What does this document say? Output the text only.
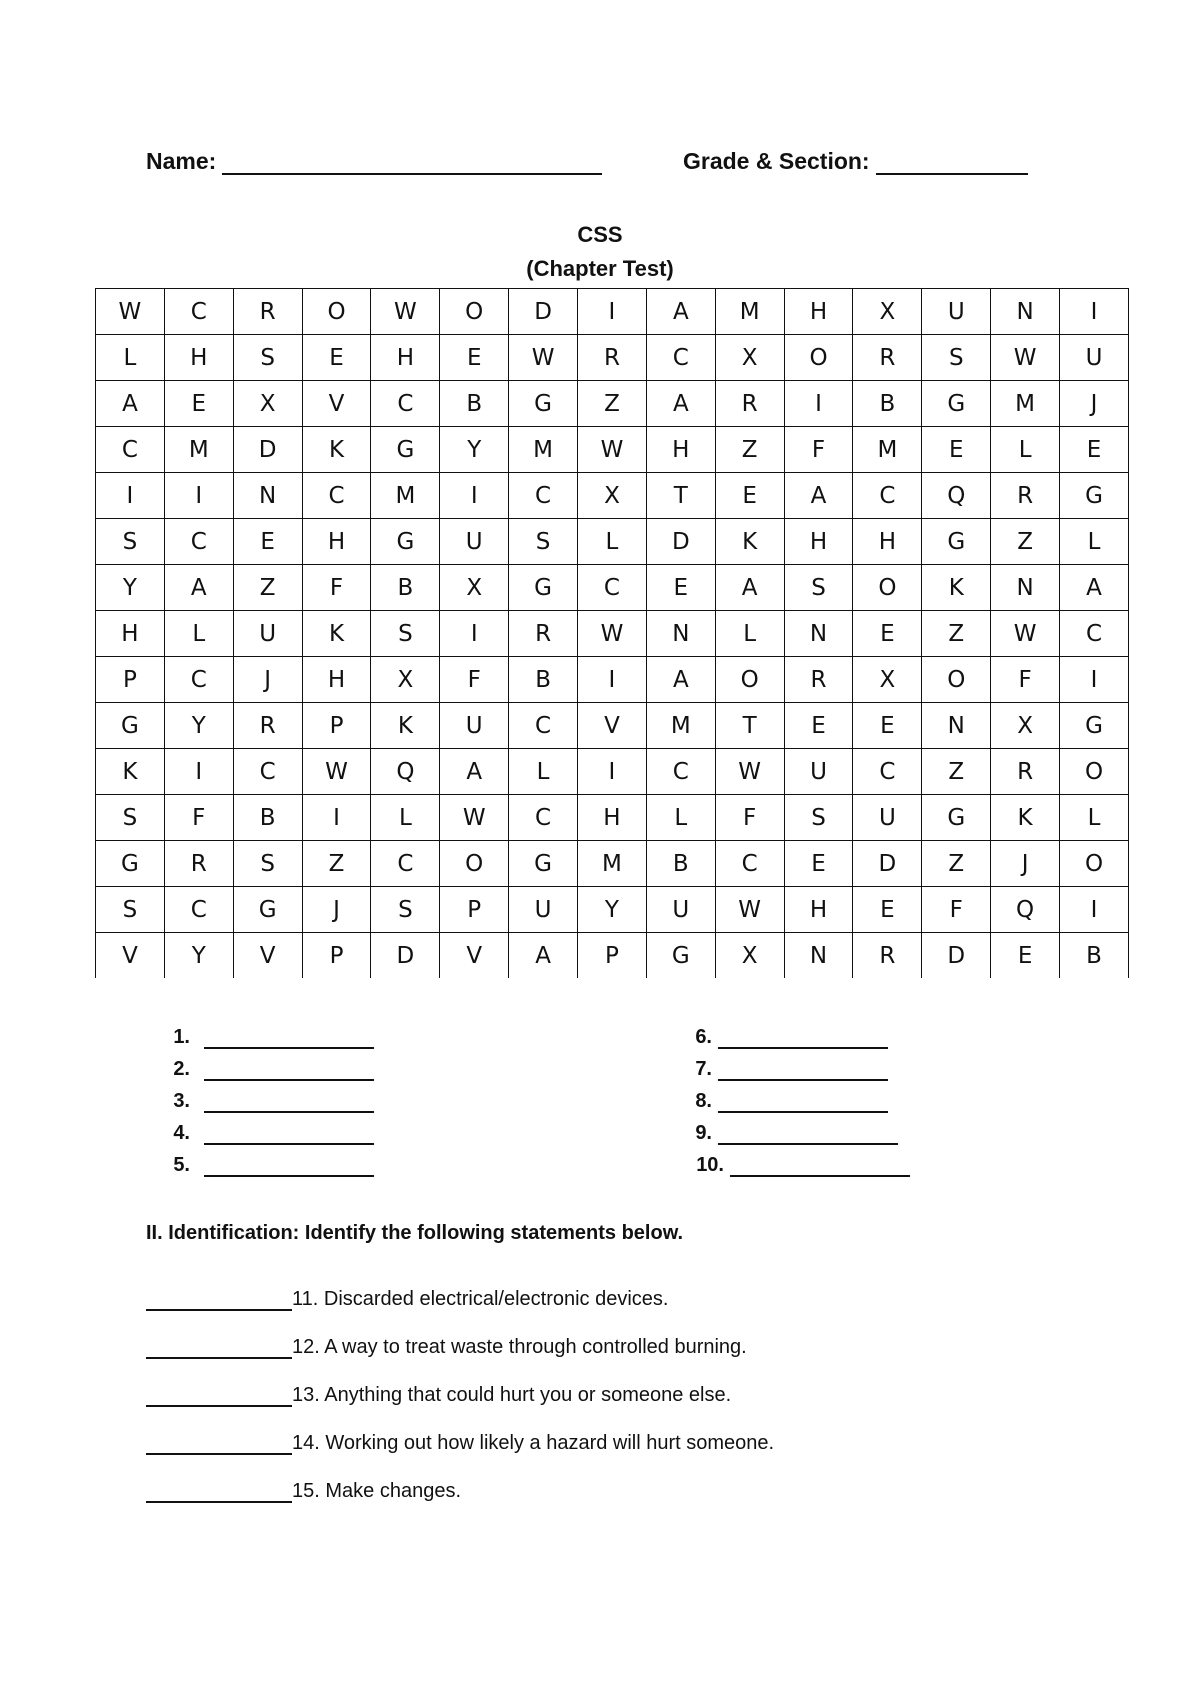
Name:	Grade & Section:
CSS
(Chapter Test)
W	C	R	O	W	O	D	I	A	M	H	X	U	N	I
L	H	S	E	H	E	W	R	C	X	O	R	S	W	U
A	E	X	V	C	B	G	Z	A	R	I	B	G	M	J
C	M	D	K	G	Y	M	W	H	Z	F	M	E	L	E
I	I	N	C	M	I	C	X	T	E	A	C	Q	R	G
S	C	E	H	G	U	S	L	D	K	H	H	G	Z	L
Y	A	Z	F	B	X	G	C	E	A	S	O	K	N	A
H	L	U	K	S	I	R	W	N	L	N	E	Z	W	C
P	C	J	H	X	F	B	I	A	O	R	X	O	F	I
G	Y	R	P	K	U	C	V	M	T	E	E	N	X	G
K	I	C	W	Q	A	L	I	C	W	U	C	Z	R	O
S	F	B	I	L	W	C	H	L	F	S	U	G	K	L
G	R	S	Z	C	O	G	M	B	C	E	D	Z	J	O
S	C	G	J	S	P	U	Y	U	W	H	E	F	Q	I
V	Y	V	P	D	V	A	P	G	X	N	R	D	E	B
1.
2.
3.
4.
5.
6.
7.
8.
9.
10.
II. Identification: Identify the following statements below.
11. Discarded electrical/electronic devices.
12. A way to treat waste through controlled burning.
13. Anything that could hurt you or someone else.
14. Working out how likely a hazard will hurt someone.
15. Make changes.
